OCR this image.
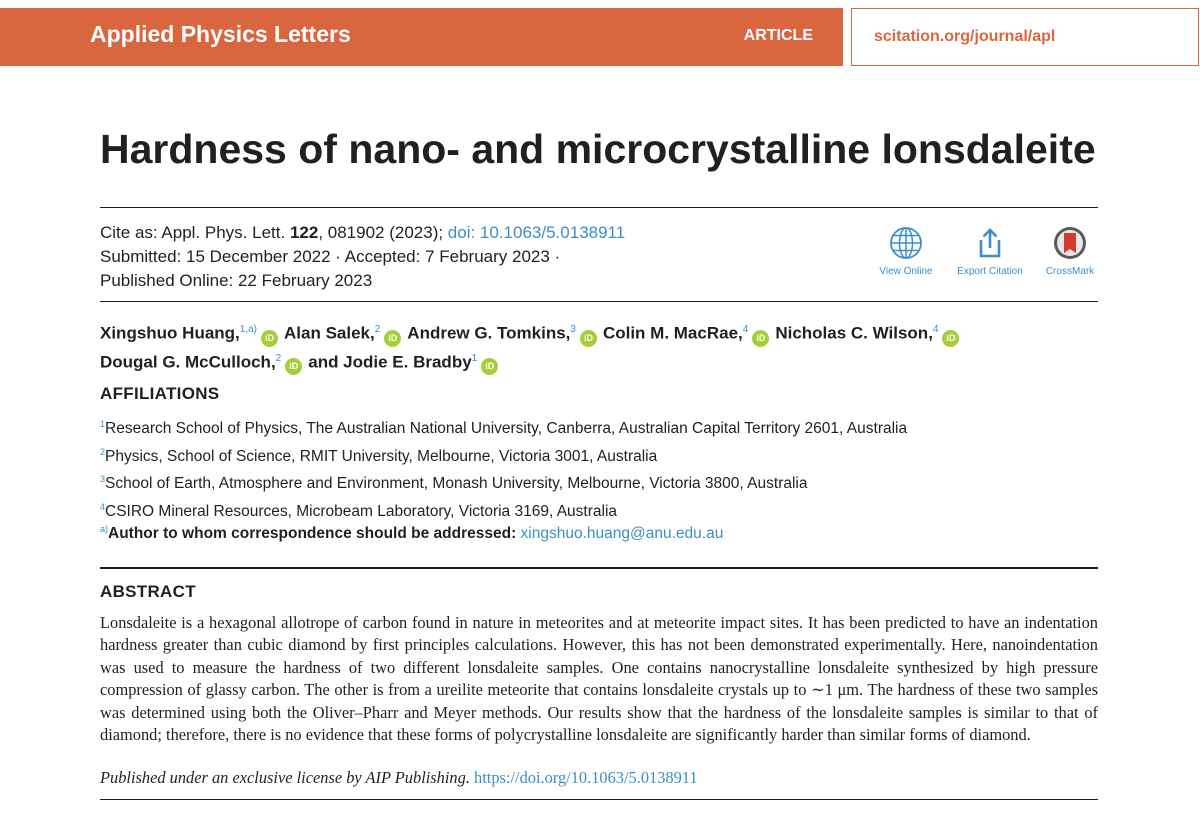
Applied Physics Letters	ARTICLE	scitation.org/journal/apl
Hardness of nano- and microcrystalline lonsdaleite
Cite as: Appl. Phys. Lett. 122, 081902 (2023); doi: 10.1063/5.0138911
Submitted: 15 December 2022 · Accepted: 7 February 2023 ·
Published Online: 22 February 2023	View Online	Export Citation	CrossMark
Xingshuo Huang,$^{1,a)}$iD Alan Salek,$^2$iD Andrew G. Tomkins,$^3$iD Colin M. MacRae,$^4$iD Nicholas C. Wilson,$^4$iD
Dougal G. McCulloch,$^2$iD and Jodie E. Bradby$^1$iD
AFFILIATIONS
$^1$Research School of Physics, The Australian National University, Canberra, Australian Capital Territory 2601, Australia
$^2$Physics, School of Science, RMIT University, Melbourne, Victoria 3001, Australia
$^3$School of Earth, Atmosphere and Environment, Monash University, Melbourne, Victoria 3800, Australia
$^4$CSIRO Mineral Resources, Microbeam Laboratory, Victoria 3169, Australia
$^{a)}$Author to whom correspondence should be addressed: xingshuo.huang@anu.edu.au
ABSTRACT

Lonsdaleite is a hexagonal allotrope of carbon found in nature in meteorites and at meteorite impact sites. It has been predicted to have an indentation hardness greater than cubic diamond by first principles calculations. However, this has not been demonstrated experimentally. Here, nanoindentation was used to measure the hardness of two different lonsdaleite samples. One contains nanocrystalline lonsdaleite synthesized by high pressure compression of glassy carbon. The other is from a ureilite meteorite that contains lonsdaleite crystals up to ∼1 μm. The hardness of these two samples was determined using both the Oliver–Pharr and Meyer methods. Our results show that the hardness of the lonsdaleite samples is similar to that of diamond; therefore, there is no evidence that these forms of polycrystalline lonsdaleite are significantly harder than similar forms of diamond.

Published under an exclusive license by AIP Publishing. https://doi.org/10.1063/5.0138911
